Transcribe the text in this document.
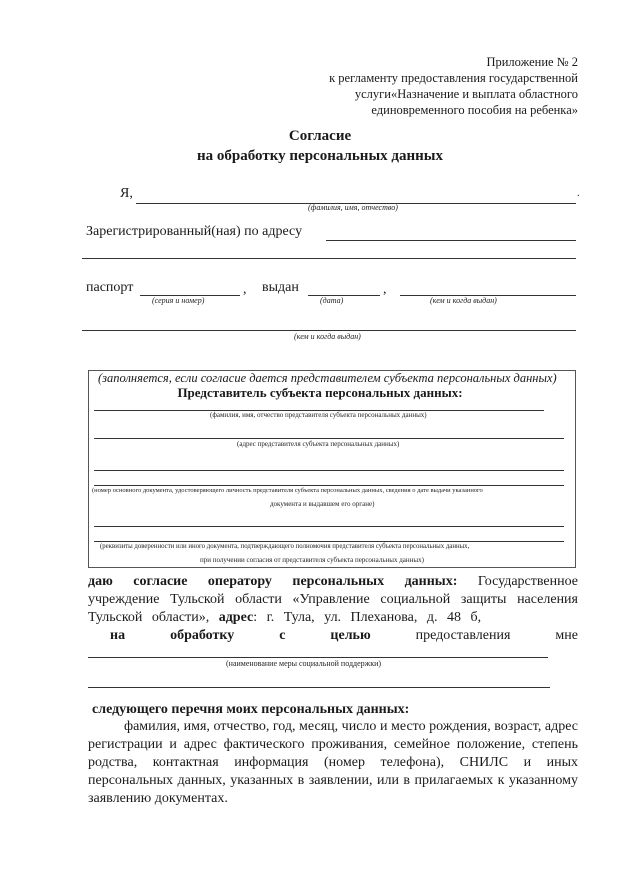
Приложение № 2
к регламенту предоставления государственной
услуги«Назначение и выплата областного
единовременного пособия на ребенка»
Согласие
на обработку персональных данных
Я,	.
(фамилия, имя, отчество)
Зарегистрированный(ная) по адресу
паспорт	, выдан	,
(серия и номер)	(дата)	(кем и когда выдан)
(кем и когда выдан)
(заполняется, если согласие дается представителем субъекта персональных данных)
Представитель субъекта персональных данных:
(фамилия, имя, отчество представителя субъекта персональных данных)
(адрес представителя субъекта персональных данных)
(номер основного документа, удостоверяющего личность представителя субъекта персональных данных, сведения о дате выдачи указанного
документа и выдавшем его органе)
(реквизиты доверенности или иного документа, подтверждающего полномочия представителя субъекта персональных данных,
при получении согласия от представителя субъекта персональных данных)
даю согласие оператору персональных данных: Государственное учреждение Тульской области «Управление социальной защиты населения Тульской области», адрес: г. Тула, ул. Плеханова, д. 48 б,
на	обработку	с	целью	предоставления	мне
(наименование меры социальной поддержки)
следующего перечня моих персональных данных:
фамилия, имя, отчество, год, месяц, число и место рождения, возраст, адрес регистрации и адрес фактического проживания, семейное положение, степень родства, контактная информация (номер телефона), СНИЛС и иных персональных данных, указанных в заявлении, или в прилагаемых к указанному заявлению документах.
